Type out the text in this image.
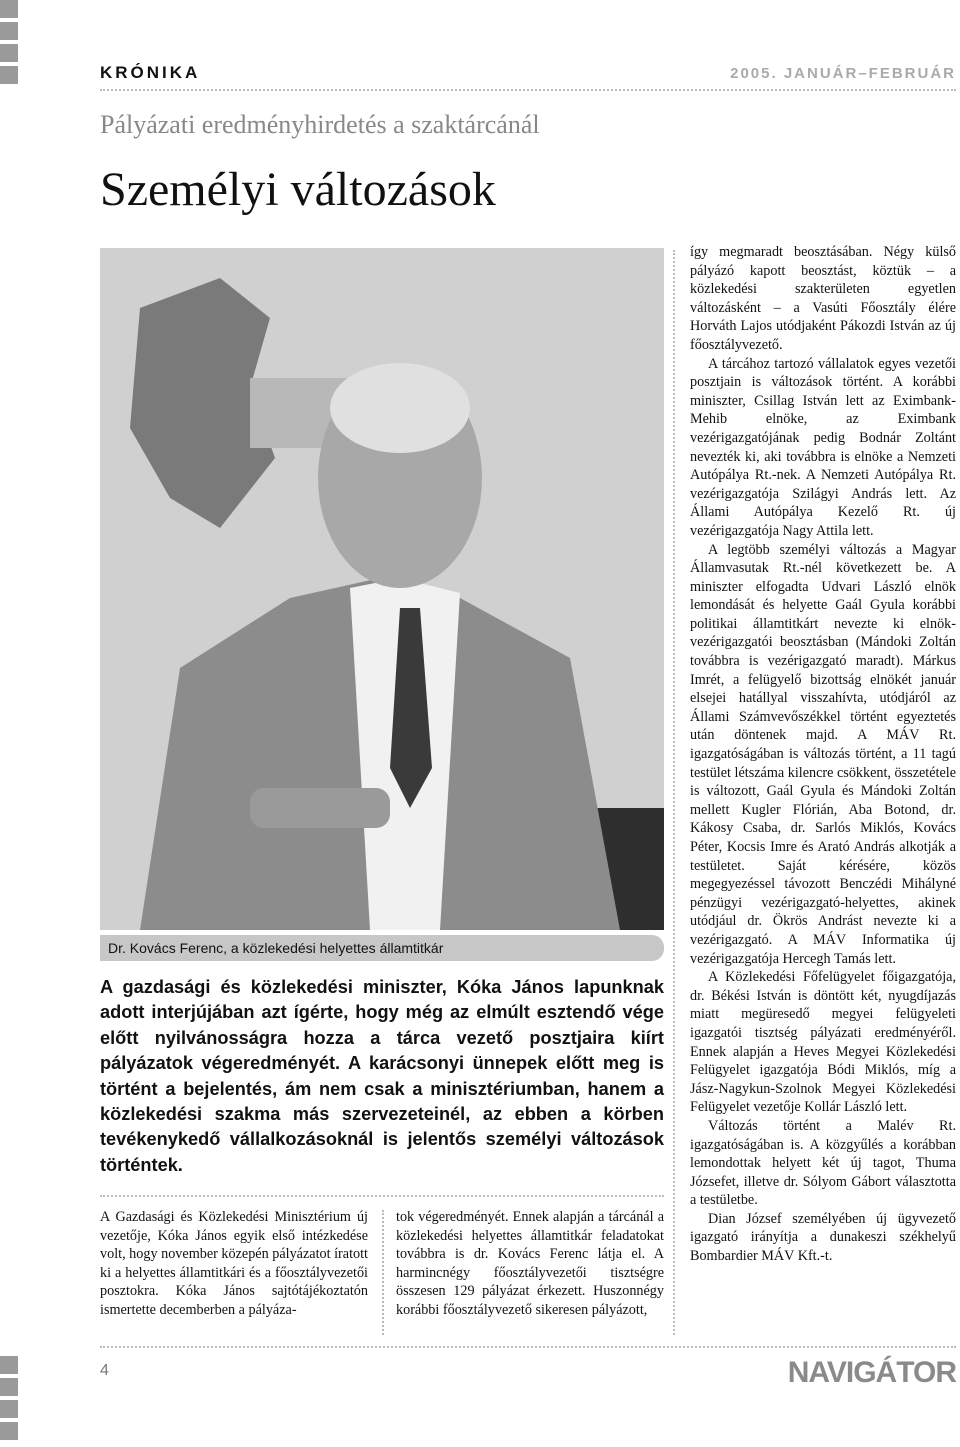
KRÓNIKA	2005. JANUÁR–FEBRUÁR
Pályázati eredményhirdetés a szaktárcánál
Személyi változások
Dr. Kovács Ferenc, a közlekedési helyettes államtitkár
A gazdasági és közlekedési miniszter, Kóka János lapunknak adott interjújában azt ígérte, hogy még az elmúlt esztendő vége előtt nyilvánosságra hozza a tárca vezető posztjaira kiírt pályázatok végeredményét. A karácsonyi ünnepek előtt meg is történt a bejelentés, ám nem csak a minisztériumban, hanem a közlekedési szakma más szervezeteinél, az ebben a körben tevékenykedő vállalkozásoknál is jelentős személyi változások történtek.

A Gazdasági és Közlekedési Minisztérium új vezetője, Kóka János egyik első intézkedése volt, hogy november közepén pályázatot íratott ki a helyettes államtitkári és a főosztályvezetői posztokra. Kóka János sajtótájékoztatón ismertette decemberben a pályáza-

tok végeredményét. Ennek alapján a tárcánál a közlekedési helyettes államtitkár feladatokat továbbra is dr. Kovács Ferenc látja el. A harmincnégy főosztályvezetői tisztségre összesen 129 pályázat érkezett. Huszonnégy korábbi főosztályvezető sikeresen pályázott,

így megmaradt beosztásában. Négy külső pályázó kapott beosztást, köztük – a közlekedési szakterületen egyetlen változásként – a Vasúti Főosztály élére Horváth Lajos utódjaként Pákozdi István az új főosztályvezető.

A tárcához tartozó vállalatok egyes vezetői posztjain is változások történt. A korábbi miniszter, Csillag István lett az Eximbank-Mehib elnöke, az Eximbank vezérigazgatójának pedig Bodnár Zoltánt nevezték ki, aki továbbra is elnöke a Nemzeti Autópálya Rt.-nek. A Nemzeti Autópálya Rt. vezérigazgatója Szilágyi András lett. Az Állami Autópálya Kezelő Rt. új vezérigazgatója Nagy Attila lett.

A legtöbb személyi változás a Magyar Államvasutak Rt.-nél következett be. A miniszter elfogadta Udvari László elnök lemondását és helyette Gaál Gyula korábbi politikai államtitkárt nevezte ki elnök-vezérigazgatói beosztásban (Mándoki Zoltán továbbra is vezérigazgató maradt). Márkus Imrét, a felügyelő bizottság elnökét január elsejei hatállyal visszahívta, utódjáról az Állami Számvevőszékkel történt egyeztetés után döntenek majd. A MÁV Rt. igazgatóságában is változás történt, a 11 tagú testület létszáma kilencre csökkent, összetétele is változott, Gaál Gyula és Mándoki Zoltán mellett Kugler Flórián, Aba Botond, dr. Kákosy Csaba, dr. Sarlós Miklós, Kovács Péter, Kocsis Imre és Arató András alkotják a testületet. Saját kérésére, közös megegyezéssel távozott Benczédi Mihályné pénzügyi vezérigazgató-helyettes, akinek utódjául dr. Ökrös Andrást nevezte ki a vezérigazgató. A MÁV Informatika új vezérigazgatója Hercegh Tamás lett.

A Közlekedési Főfelügyelet főigazgatója, dr. Békési István is döntött két, nyugdíjazás miatt megüresedő megyei felügyeleti igazgatói tisztség pályázati eredményéről. Ennek alapján a Heves Megyei Közlekedési Felügyelet igazgatója Bódi Miklós, míg a Jász-Nagykun-Szolnok Megyei Közlekedési Felügyelet vezetője Kollár László lett.

Változás történt a Malév Rt. igazgatóságában is. A közgyűlés a korábban lemondottak helyett két új tagot, Thuma Józsefet, illetve dr. Sólyom Gábort választotta a testületbe.

Dian József személyében új ügyvezető igazgató irányítja a dunakeszi székhelyű Bombardier MÁV Kft.-t.

4	NAVIGÁTOR
